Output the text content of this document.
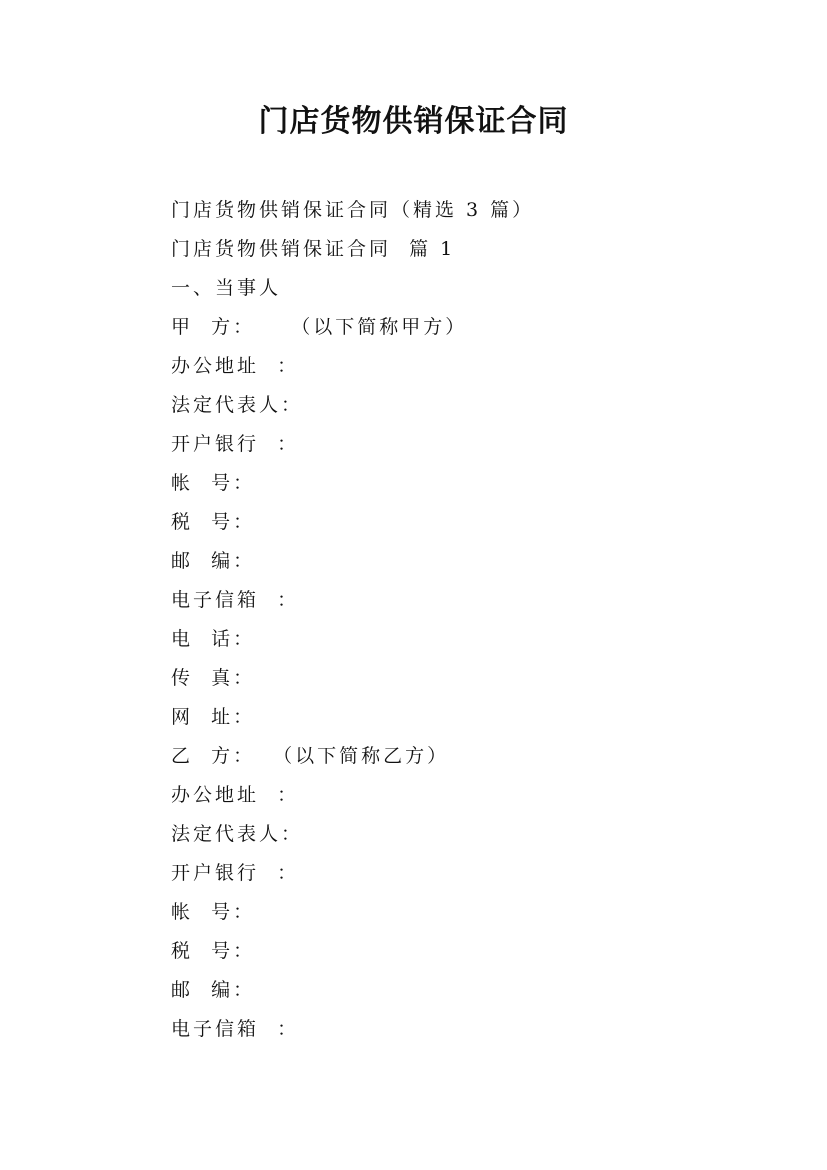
门店货物供销保证合同
门店货物供销保证合同（精选 3 篇）
门店货物供销保证合同  篇 1
一、当事人
甲  方：    （以下简称甲方）
办公地址  ：
法定代表人：
开户银行  ：
帐  号：
税  号：
邮  编：
电子信箱  ：
电  话：
传  真：
网  址：
乙  方：  （以下简称乙方）
办公地址  ：
法定代表人：
开户银行  ：
帐  号：
税  号：
邮  编：
电子信箱  ：
